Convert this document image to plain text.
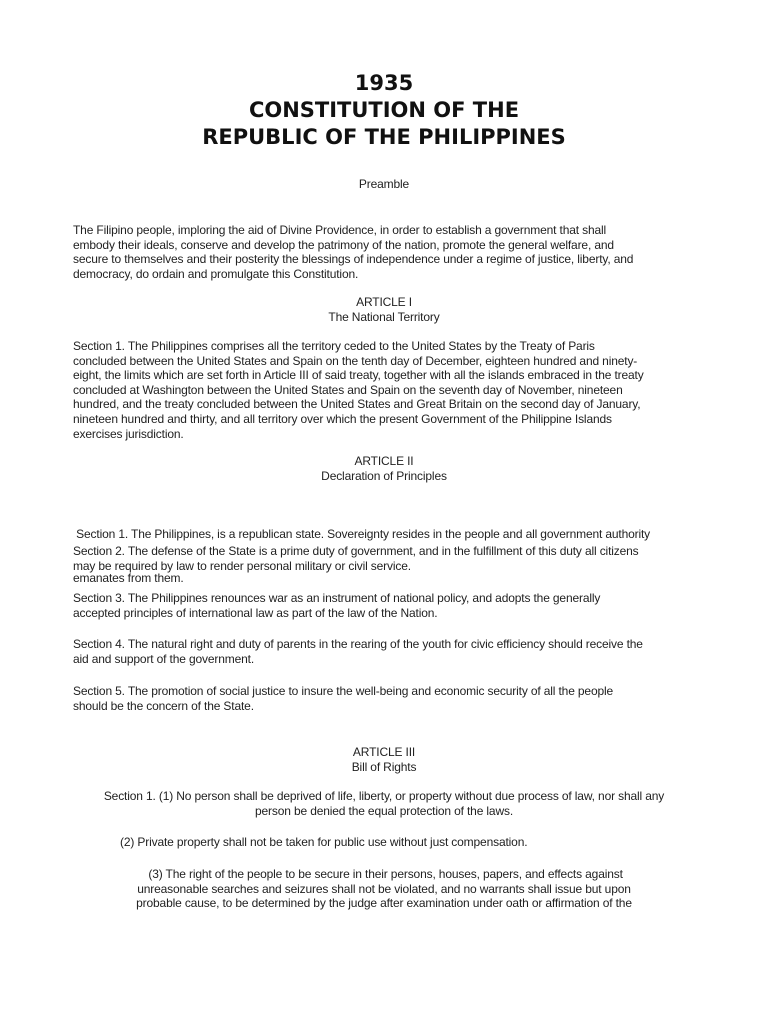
1935
CONSTITUTION OF THE
REPUBLIC OF THE PHILIPPINES
Preamble
The Filipino people, imploring the aid of Divine Providence, in order to establish a government that shall
embody their ideals, conserve and develop the patrimony of the nation, promote the general welfare, and
secure to themselves and their posterity the blessings of independence under a regime of justice, liberty, and
democracy, do ordain and promulgate this Constitution.
ARTICLE I
The National Territory
Section 1. The Philippines comprises all the territory ceded to the United States by the Treaty of Paris
concluded between the United States and Spain on the tenth day of December, eighteen hundred and ninety-
eight, the limits which are set forth in Article III of said treaty, together with all the islands embraced in the treaty
concluded at Washington between the United States and Spain on the seventh day of November, nineteen
hundred, and the treaty concluded between the United States and Great Britain on the second day of January,
nineteen hundred and thirty, and all territory over which the present Government of the Philippine Islands
exercises jurisdiction.
ARTICLE II
Declaration of Principles

Section 1. The Philippines, is a republican state. Sovereignty resides in the people and all government authority

emanates from them.

Section 2. The defense of the State is a prime duty of government, and in the fulfillment of this duty all citizens
may be required by law to render personal military or civil service.
Section 3. The Philippines renounces war as an instrument of national policy, and adopts the generally
accepted principles of international law as part of the law of the Nation.
Section 4. The natural right and duty of parents in the rearing of the youth for civic efficiency should receive the
aid and support of the government.
Section 5. The promotion of social justice to insure the well-being and economic security of all the people
should be the concern of the State.
ARTICLE III
Bill of Rights
Section 1. (1) No person shall be deprived of life, liberty, or property without due process of law, nor shall any
person be denied the equal protection of the laws.
(2) Private property shall not be taken for public use without just compensation.
(3) The right of the people to be secure in their persons, houses, papers, and effects against
unreasonable searches and seizures shall not be violated, and no warrants shall issue but upon
probable cause, to be determined by the judge after examination under oath or affirmation of the
